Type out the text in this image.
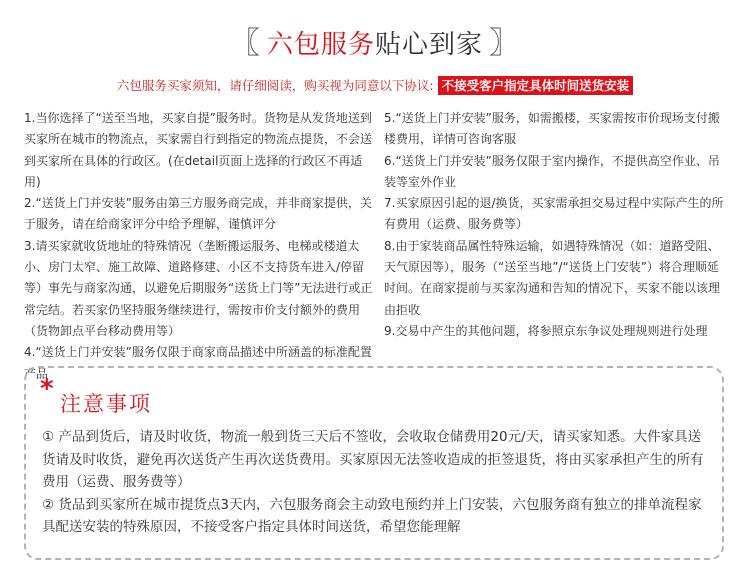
〖 六包服务贴心到家 〗
六包服务买家须知，请仔细阅读，购买视为同意以下协议: 不接受客户指定具体时间送货安装

1.当你选择了“送至当地，买家自提”服务时。货物是从发货地送到买家所在城市的物流点，买家需自行到指定的物流点提货，不会送到买家所在具体的行政区。(在detail页面上选择的行政区不再适用)

2.“送货上门并安装”服务由第三方服务商完成，并非商家提供，关于服务，请在给商家评分中给予理解，谨慎评分

3.请买家就收货地址的特殊情况（垄断搬运服务、电梯或楼道太小、房门太窄、施工故障、道路修建、小区不支持货车进入/停留等）事先与商家沟通，以避免后期服务“送货上门等”无法进行或正常完结。若买家仍坚持服务继续进行，需按市价支付额外的费用（货物卸点平台移动费用等）

4.“送货上门并安装”服务仅限于商家商品描述中所涵盖的标准配置产品

5.“送货上门并安装”服务，如需搬楼，买家需按市价现场支付搬楼费用，详情可咨询客服

6.“送货上门并安装”服务仅限于室内操作，不提供高空作业、吊装等室外作业

7.买家原因引起的退/换货，买家需承担交易过程中实际产生的所有费用（运费、服务费等）

8.由于家装商品属性特殊运输，如遇特殊情况（如：道路受阻、天气原因等），服务（“送至当地”/“送货上门安装”）将合理顺延时间。在商家提前与买家沟通和告知的情况下，买家不能以该理由拒收

9.交易中产生的其他问题，将参照京东争议处理规则进行处理

* 注意事项

① 产品到货后，请及时收货，物流一般到货三天后不签收，会收取仓储费用20元/天，请买家知悉。大件家具送货请及时收货，避免再次送货产生再次送货费用。买家原因无法签收造成的拒签退货，将由买家承担产生的所有费用（运费、服务费等）

② 货品到买家所在城市提货点3天内，六包服务商会主动致电预约并上门安装，六包服务商有独立的排单流程家具配送安装的特殊原因，不接受客户指定具体时间送货，希望您能理解
